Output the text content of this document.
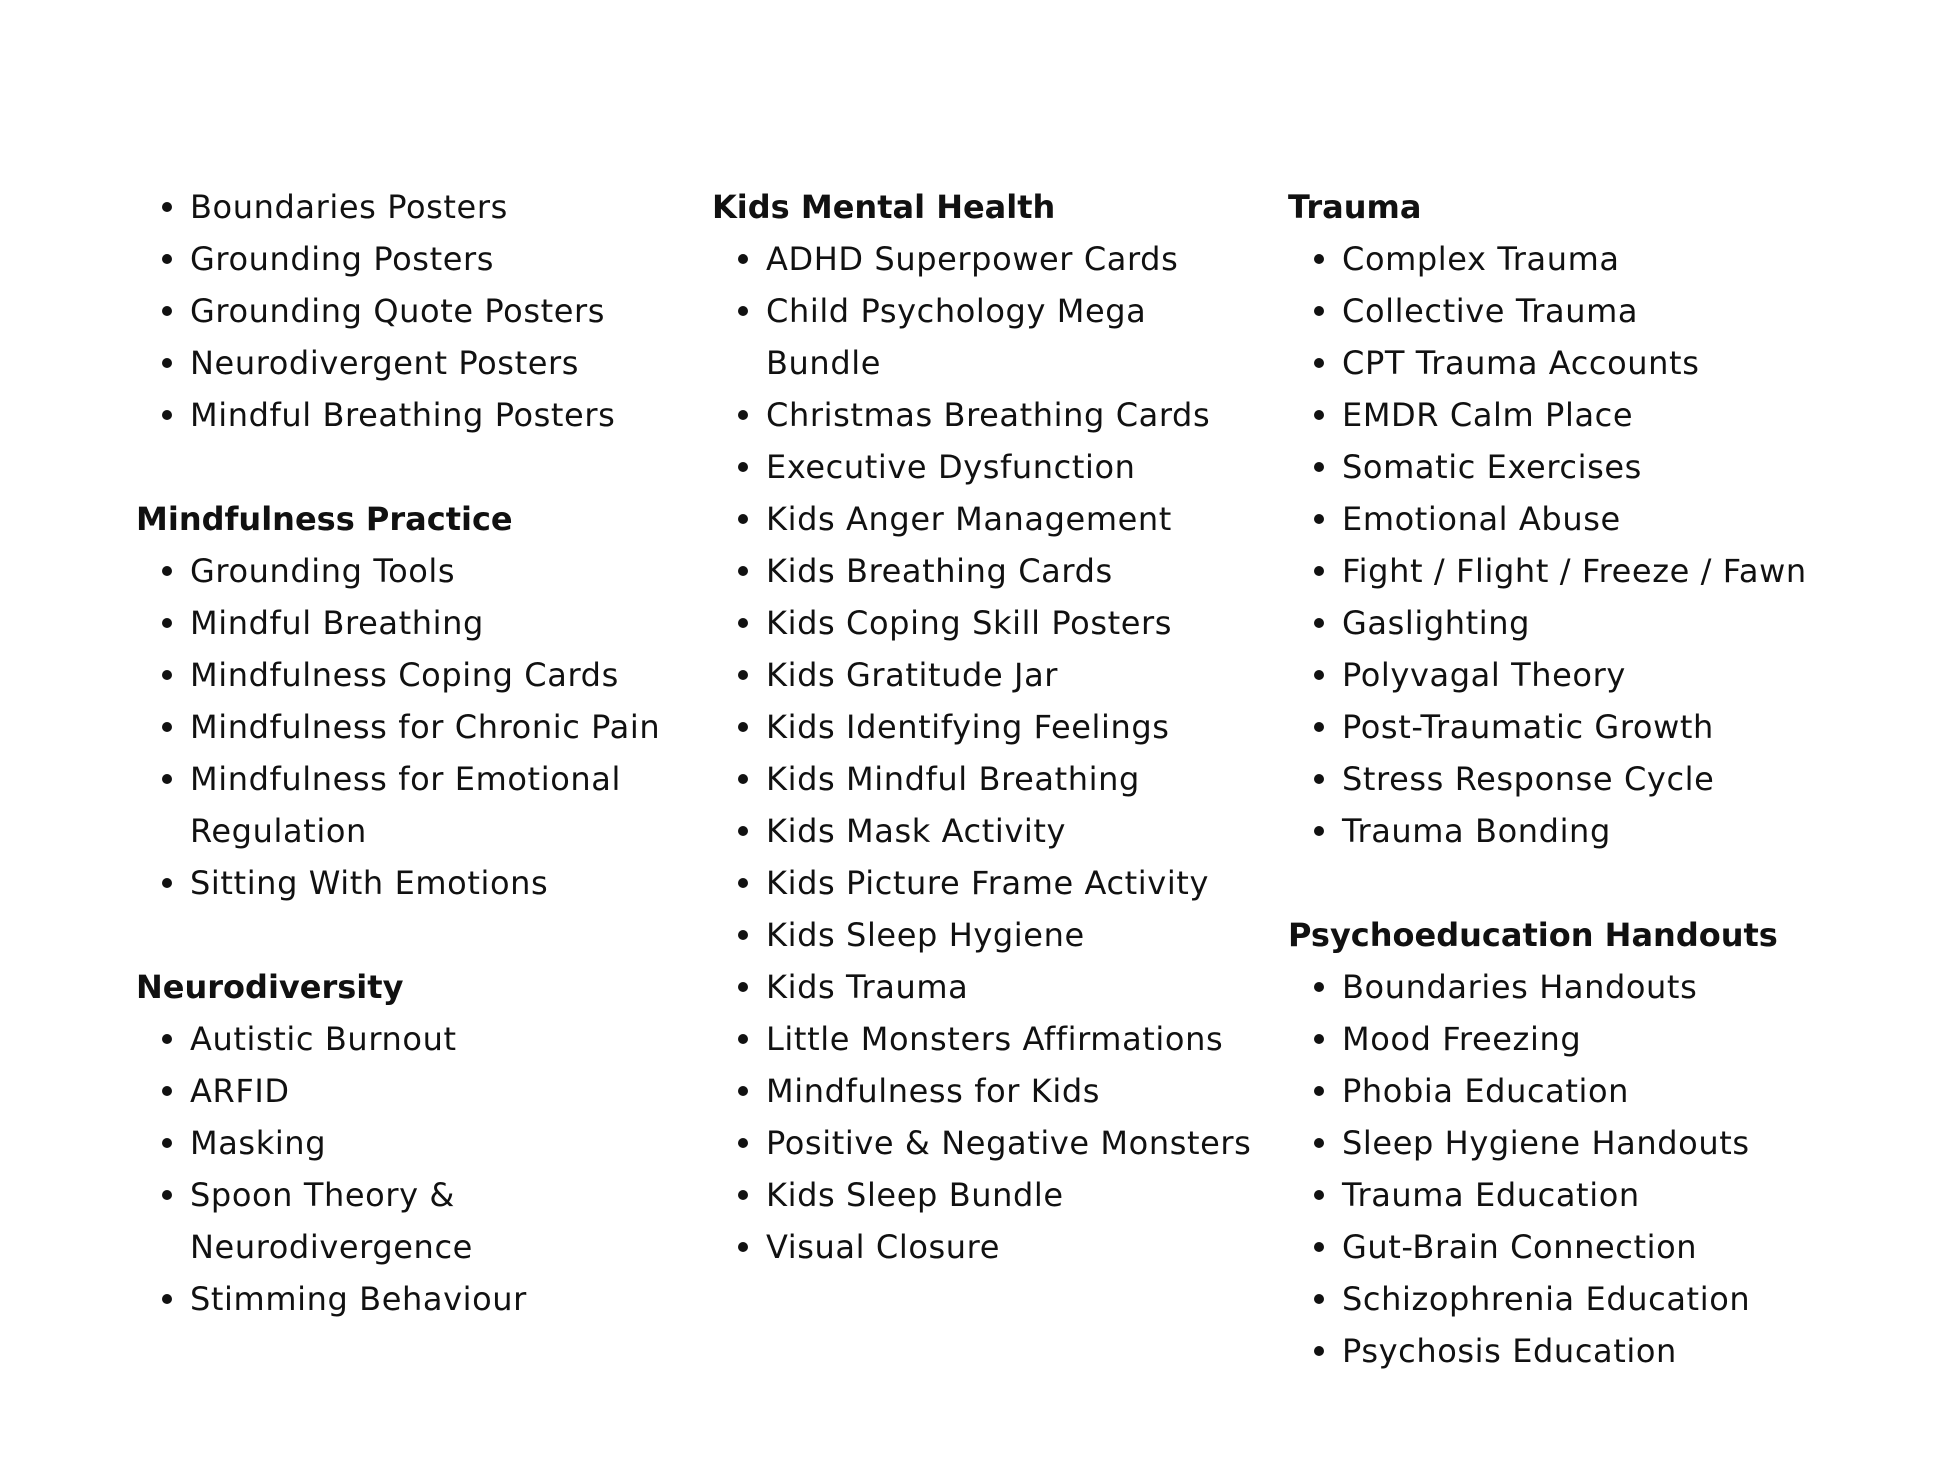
Boundaries Posters
Grounding Posters
Grounding Quote Posters
Neurodivergent Posters
Mindful Breathing Posters
Mindfulness Practice
Grounding Tools
Mindful Breathing
Mindfulness Coping Cards
Mindfulness for Chronic Pain
Mindfulness for Emotional
Regulation
Sitting With Emotions
Neurodiversity
Autistic Burnout
ARFID
Masking
Spoon Theory &
Neurodivergence
Stimming Behaviour
Kids Mental Health
ADHD Superpower Cards
Child Psychology Mega
Bundle
Christmas Breathing Cards
Executive Dysfunction
Kids Anger Management
Kids Breathing Cards
Kids Coping Skill Posters
Kids Gratitude Jar
Kids Identifying Feelings
Kids Mindful Breathing
Kids Mask Activity
Kids Picture Frame Activity
Kids Sleep Hygiene
Kids Trauma
Little Monsters Affirmations
Mindfulness for Kids
Positive & Negative Monsters
Kids Sleep Bundle
Visual Closure
Trauma
Complex Trauma
Collective Trauma
CPT Trauma Accounts
EMDR Calm Place
Somatic Exercises
Emotional Abuse
Fight / Flight / Freeze / Fawn
Gaslighting
Polyvagal Theory
Post-Traumatic Growth
Stress Response Cycle
Trauma Bonding
Psychoeducation Handouts
Boundaries Handouts
Mood Freezing
Phobia Education
Sleep Hygiene Handouts
Trauma Education
Gut-Brain Connection
Schizophrenia Education
Psychosis Education
